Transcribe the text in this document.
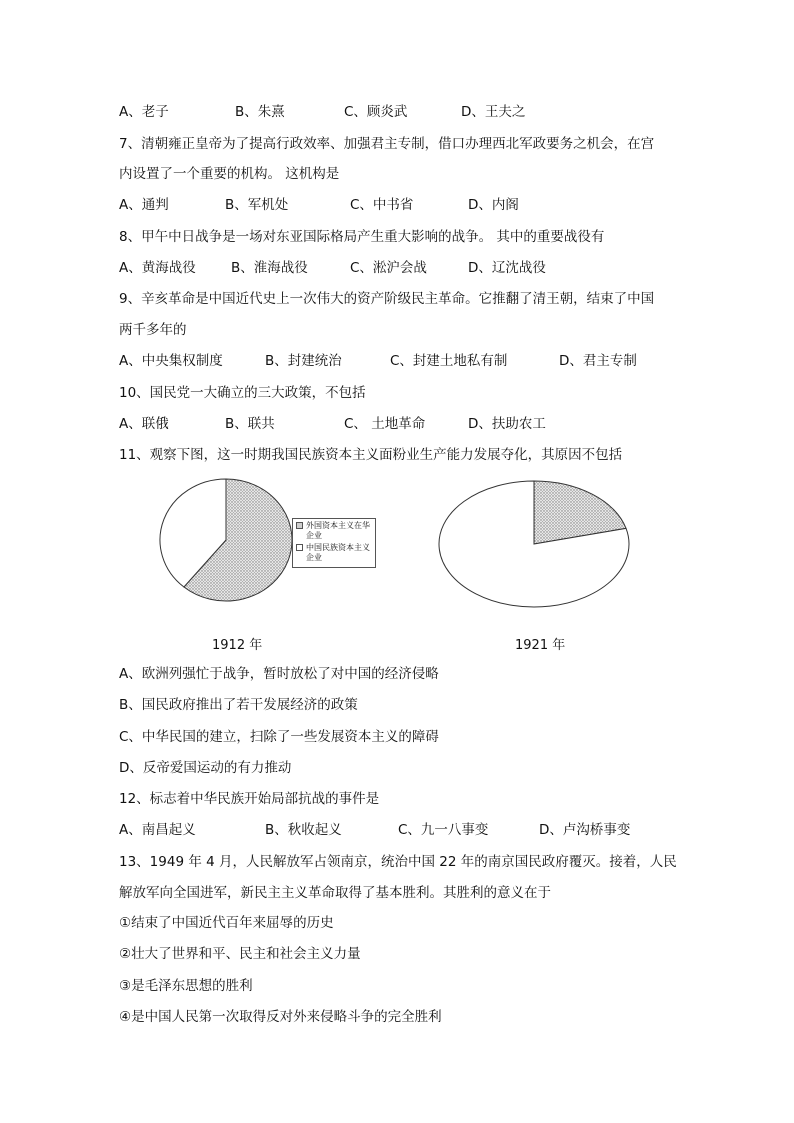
A、老子	B、朱熹	C、顾炎武	D、王夫之
7、清朝雍正皇帝为了提高行政效率、加强君主专制，借口办理西北军政要务之机会，在宫
内设置了一个重要的机构。 这机构是
A、通判	B、军机处	C、中书省	D、内阁
8、甲午中日战争是一场对东亚国际格局产生重大影响的战争。 其中的重要战役有
A、黄海战役	B、淮海战役	C、淞沪会战	D、辽沈战役
9、辛亥革命是中国近代史上一次伟大的资产阶级民主革命。它推翻了清王朝，结束了中国
两千多年的
A、中央集权制度	B、封建统治	C、封建土地私有制	D、君主专制
10、国民党一大确立的三大政策，不包括
A、联俄	B、联共	C、 土地革命	D、扶助农工
11、观察下图，这一时期我国民族资本主义面粉业生产能力发展夺化，其原因不包括
外国资本主义在华企业
中国民族资本主义企业
1912 年	1921 年
A、欧洲列强忙于战争，暂时放松了对中国的经济侵略
B、国民政府推出了若干发展经济的政策
C、中华民国的建立，扫除了一些发展资本主义的障碍
D、反帝爱国运动的有力推动
12、标志着中华民族开始局部抗战的事件是
A、南昌起义	B、秋收起义	C、九一八事变	D、卢沟桥事变
13、1949 年 4 月，人民解放军占领南京，统治中国 22 年的南京国民政府覆灭。接着，人民
解放军向全国进军，新民主主义革命取得了基本胜利。其胜利的意义在于
①结束了中国近代百年来屈辱的历史
②壮大了世界和平、民主和社会主义力量
③是毛泽东思想的胜利
④是中国人民第一次取得反对外来侵略斗争的完全胜利
